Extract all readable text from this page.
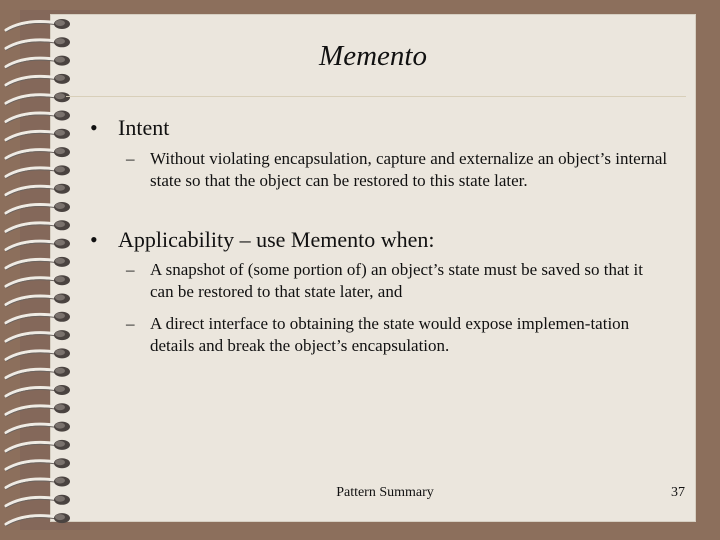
Memento
• Intent
– Without violating encapsulation, capture and externalize an object’s internal state so that the object can be restored to this state later.
• Applicability – use Memento when:
– A snapshot of (some portion of) an object’s state must be saved so that it can be restored to that state later, and
– A direct interface to obtaining the state would expose implemen-tation details and break the object’s encapsulation.
Pattern Summary	37
